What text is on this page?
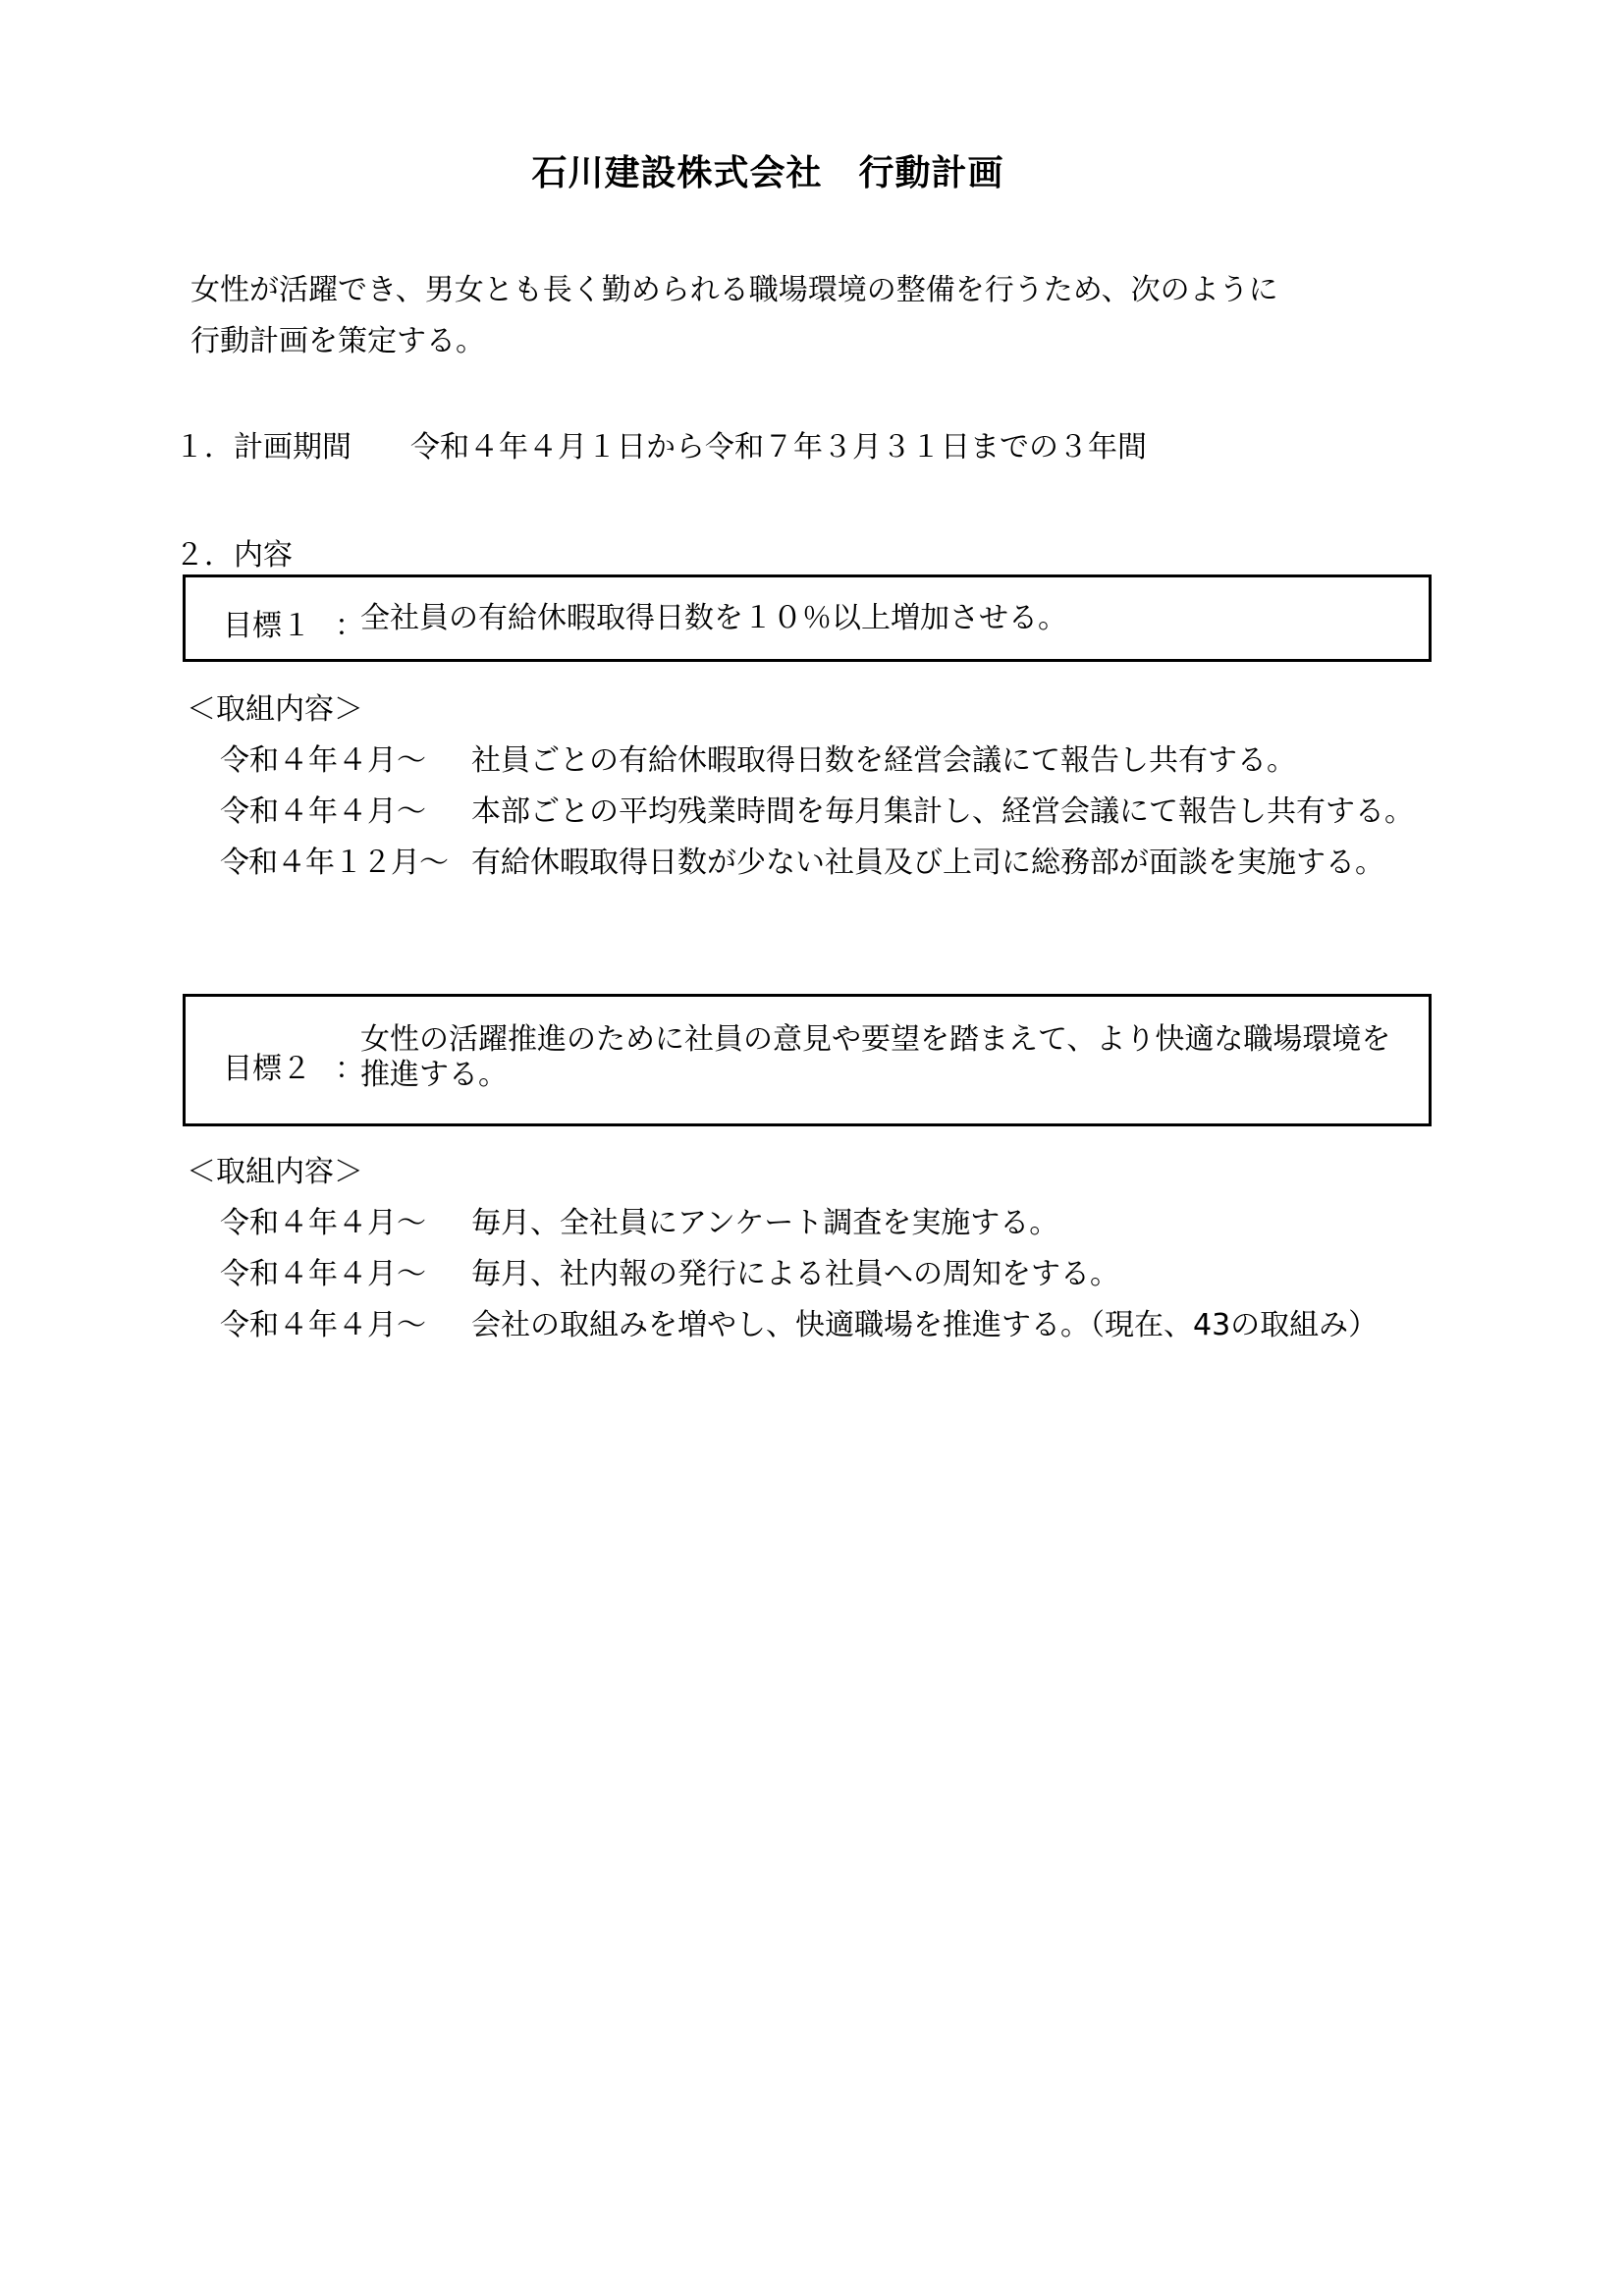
石川建設株式会社　行動計画

女性が活躍でき、男女とも長く勤められる職場環境の整備を行うため、次のように

行動計画を策定する。

１．計画期間 令和４年４月１日から令和７年３月３１日までの３年間
２．内容
目標１ ：
全社員の有給休暇取得日数を１０％以上増加させる。
＜取組内容＞
令和４年４月～ 社員ごとの有給休暇取得日数を経営会議にて報告し共有する。
令和４年４月～ 本部ごとの平均残業時間を毎月集計し、経営会議にて報告し共有する。
令和４年１２月～ 有給休暇取得日数が少ない社員及び上司に総務部が面談を実施する。
目標２ ：
女性の活躍推進のために社員の意見や要望を踏まえて、より快適な職場環境を
推進する。
＜取組内容＞
令和４年４月～ 毎月、全社員にアンケート調査を実施する。
令和４年４月～ 毎月、社内報の発行による社員への周知をする。
令和４年４月～ 会社の取組みを増やし、快適職場を推進する。（現在、43の取組み）
